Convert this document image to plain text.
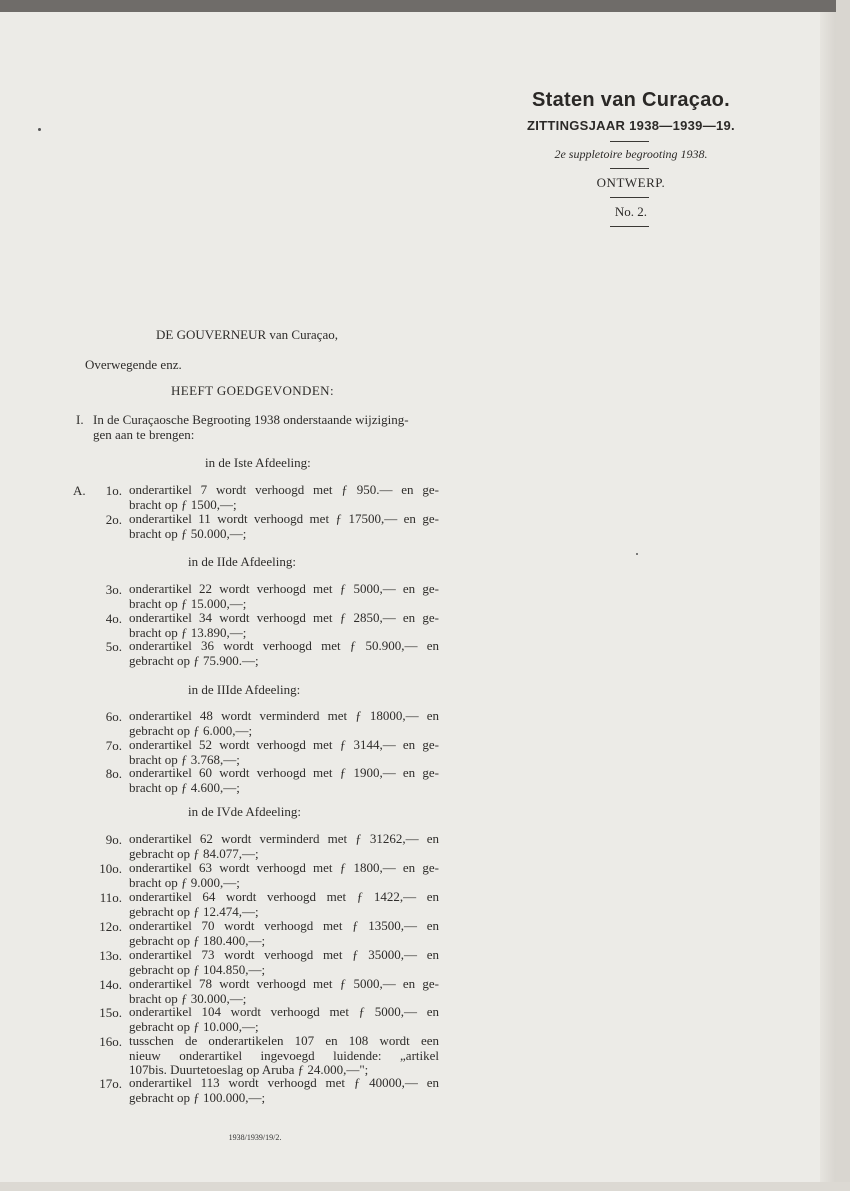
Staten van Curaçao.
ZITTINGSJAAR 1938—1939—19.
2e suppletoire begrooting 1938.
ONTWERP.
No. 2.
DE GOUVERNEUR van Curaçao,
Overwegende enz.
HEEFT GOEDGEVONDEN:
I. In de Curaçaosche Begrooting 1938 onderstaande wijziging-
gen aan te brengen:
A.
in de Iste Afdeeling:
1o. onderartikel 7 wordt verhoogd met ƒ 950.— en ge-
bracht op ƒ 1500,—;
2o. onderartikel 11 wordt verhoogd met ƒ 17500,— en ge-
bracht op ƒ 50.000,—;
in de IIde Afdeeling:
3o. onderartikel 22 wordt verhoogd met ƒ 5000,— en ge-
bracht op ƒ 15.000,—;
4o. onderartikel 34 wordt verhoogd met ƒ 2850,— en ge-
bracht op ƒ 13.890,—;
5o. onderartikel 36 wordt verhoogd met ƒ 50.900,— en
gebracht op ƒ 75.900.—;
in de IIIde Afdeeling:
6o. onderartikel 48 wordt verminderd met ƒ 18000,— en
gebracht op ƒ 6.000,—;
7o. onderartikel 52 wordt verhoogd met ƒ 3144,— en ge-
bracht op ƒ 3.768,—;
8o. onderartikel 60 wordt verhoogd met ƒ 1900,— en ge-
bracht op ƒ 4.600,—;
in de IVde Afdeeling:
9o. onderartikel 62 wordt verminderd met ƒ 31262,— en
gebracht op ƒ 84.077,—;
10o. onderartikel 63 wordt verhoogd met ƒ 1800,— en ge-
bracht op ƒ 9.000,—;
11o. onderartikel 64 wordt verhoogd met ƒ 1422,— en
gebracht op ƒ 12.474,—;
12o. onderartikel 70 wordt verhoogd met ƒ 13500,— en
gebracht op ƒ 180.400,—;
13o. onderartikel 73 wordt verhoogd met ƒ 35000,— en
gebracht op ƒ 104.850,—;
14o. onderartikel 78 wordt verhoogd met ƒ 5000,— en ge-
bracht op ƒ 30.000,—;
15o. onderartikel 104 wordt verhoogd met ƒ 5000,— en
gebracht op ƒ 10.000,—;
16o. tusschen de onderartikelen 107 en 108 wordt een
nieuw onderartikel ingevoegd luidende: „artikel
107bis. Duurtetoeslag op Aruba ƒ 24.000,—";
17o. onderartikel 113 wordt verhoogd met ƒ 40000,— en
gebracht op ƒ 100.000,—;
1938/1939/19/2.
